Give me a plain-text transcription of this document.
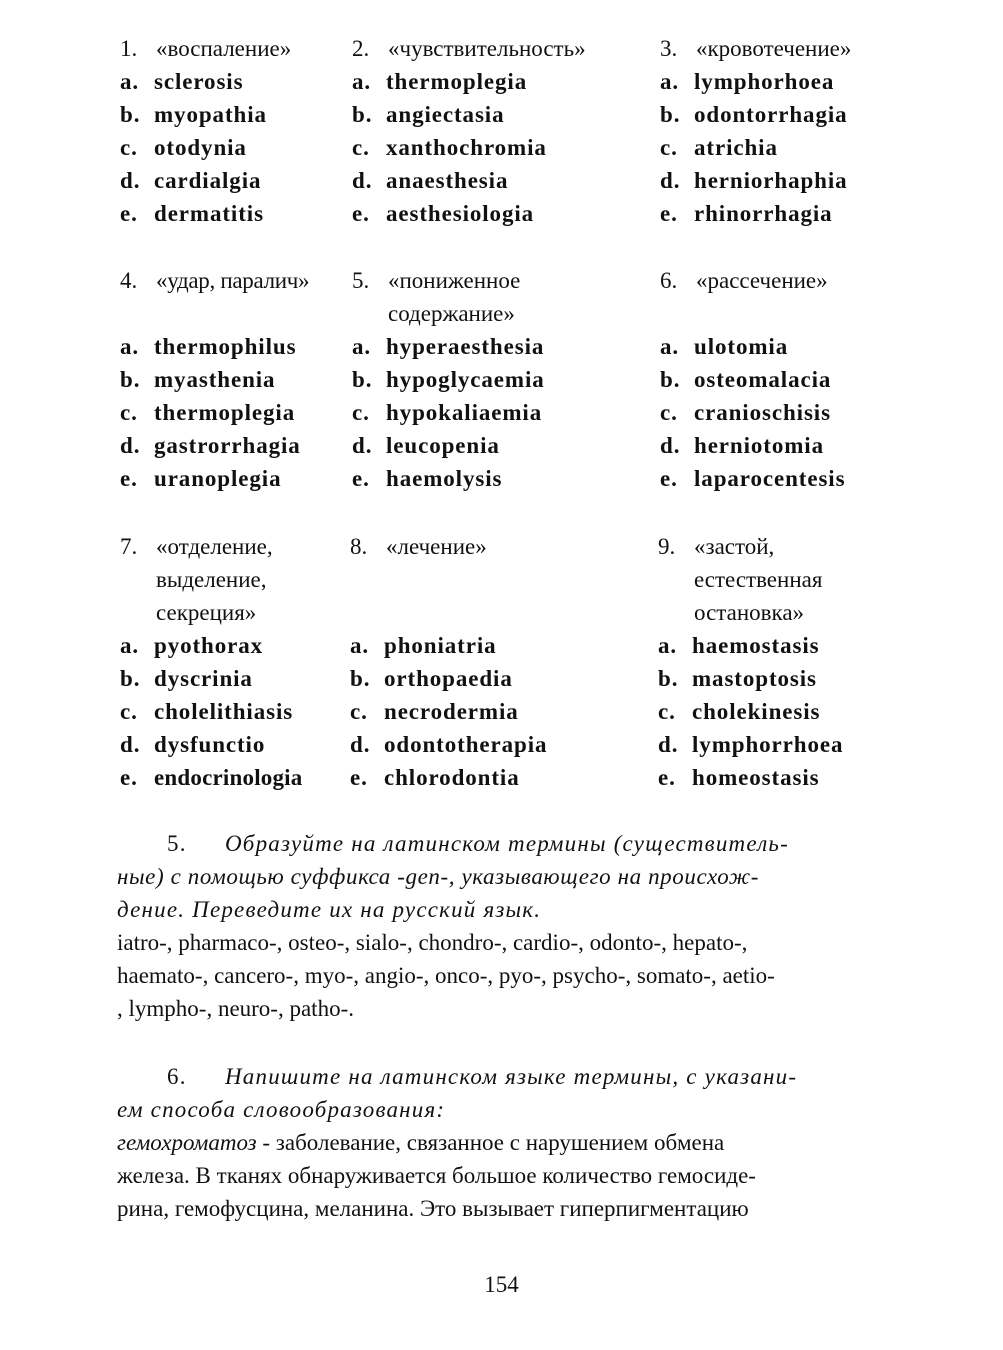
1. «воспаление»
a. sclerosis
b. myopathia
c. otodynia
d. cardialgia
e. dermatitis
2. «чувствительность»
a. thermoplegia
b. angiectasia
c. xanthochromia
d. anaesthesia
e. aesthesiologia
3. «кровотечение»
a. lymphorhoea
b. odontorrhagia
c. atrichia
d. herniorhaphia
e. rhinorrhagia
4. «удар, паралич»
a. thermophilus
b. myasthenia
c. thermoplegia
d. gastrorrhagia
e. uranoplegia
5. «пониженное
содержание»
a. hyperaesthesia
b. hypoglycaemia
c. hypokaliaemia
d. leucopenia
e. haemolysis
6. «рассечение»
a. ulotomia
b. osteomalacia
c. cranioschisis
d. herniotomia
e. laparocentesis
7. «отделение,
выделение,
секреция»
a. pyothorax
b. dyscrinia
c. cholelithiasis
d. dysfunctio
e. endocrinologia
8. «лечение»
a. phoniatria
b. orthopaedia
c. necrodermia
d. odontotherapia
e. chlorodontia
9. «застой,
естественная
остановка»
a. haemostasis
b. mastoptosis
c. cholekinesis
d. lymphorrhoea
e. homeostasis

5. Образуйте на латинском термины (существитель-
ные) с помощью суффикса -gen-, указывающего на происхож-
дение. Переведите их на русский язык.

iatro-, pharmaco-, osteo-, sialo-, chondro-, cardio-, odonto-, hepato-,
haemato-, cancero-, myo-, angio-, onco-, pyo-, psycho-, somato-, aetio-
, lympho-, neuro-, patho-.

6. Напишите на латинском языке термины, с указани-
ем способа словообразования:

гемохроматоз - заболевание, связанное с нарушением обмена
железа. В тканях обнаруживается большое количество гемосиде-
рина, гемофусцина, меланина. Это вызывает гиперпигментацию

154
